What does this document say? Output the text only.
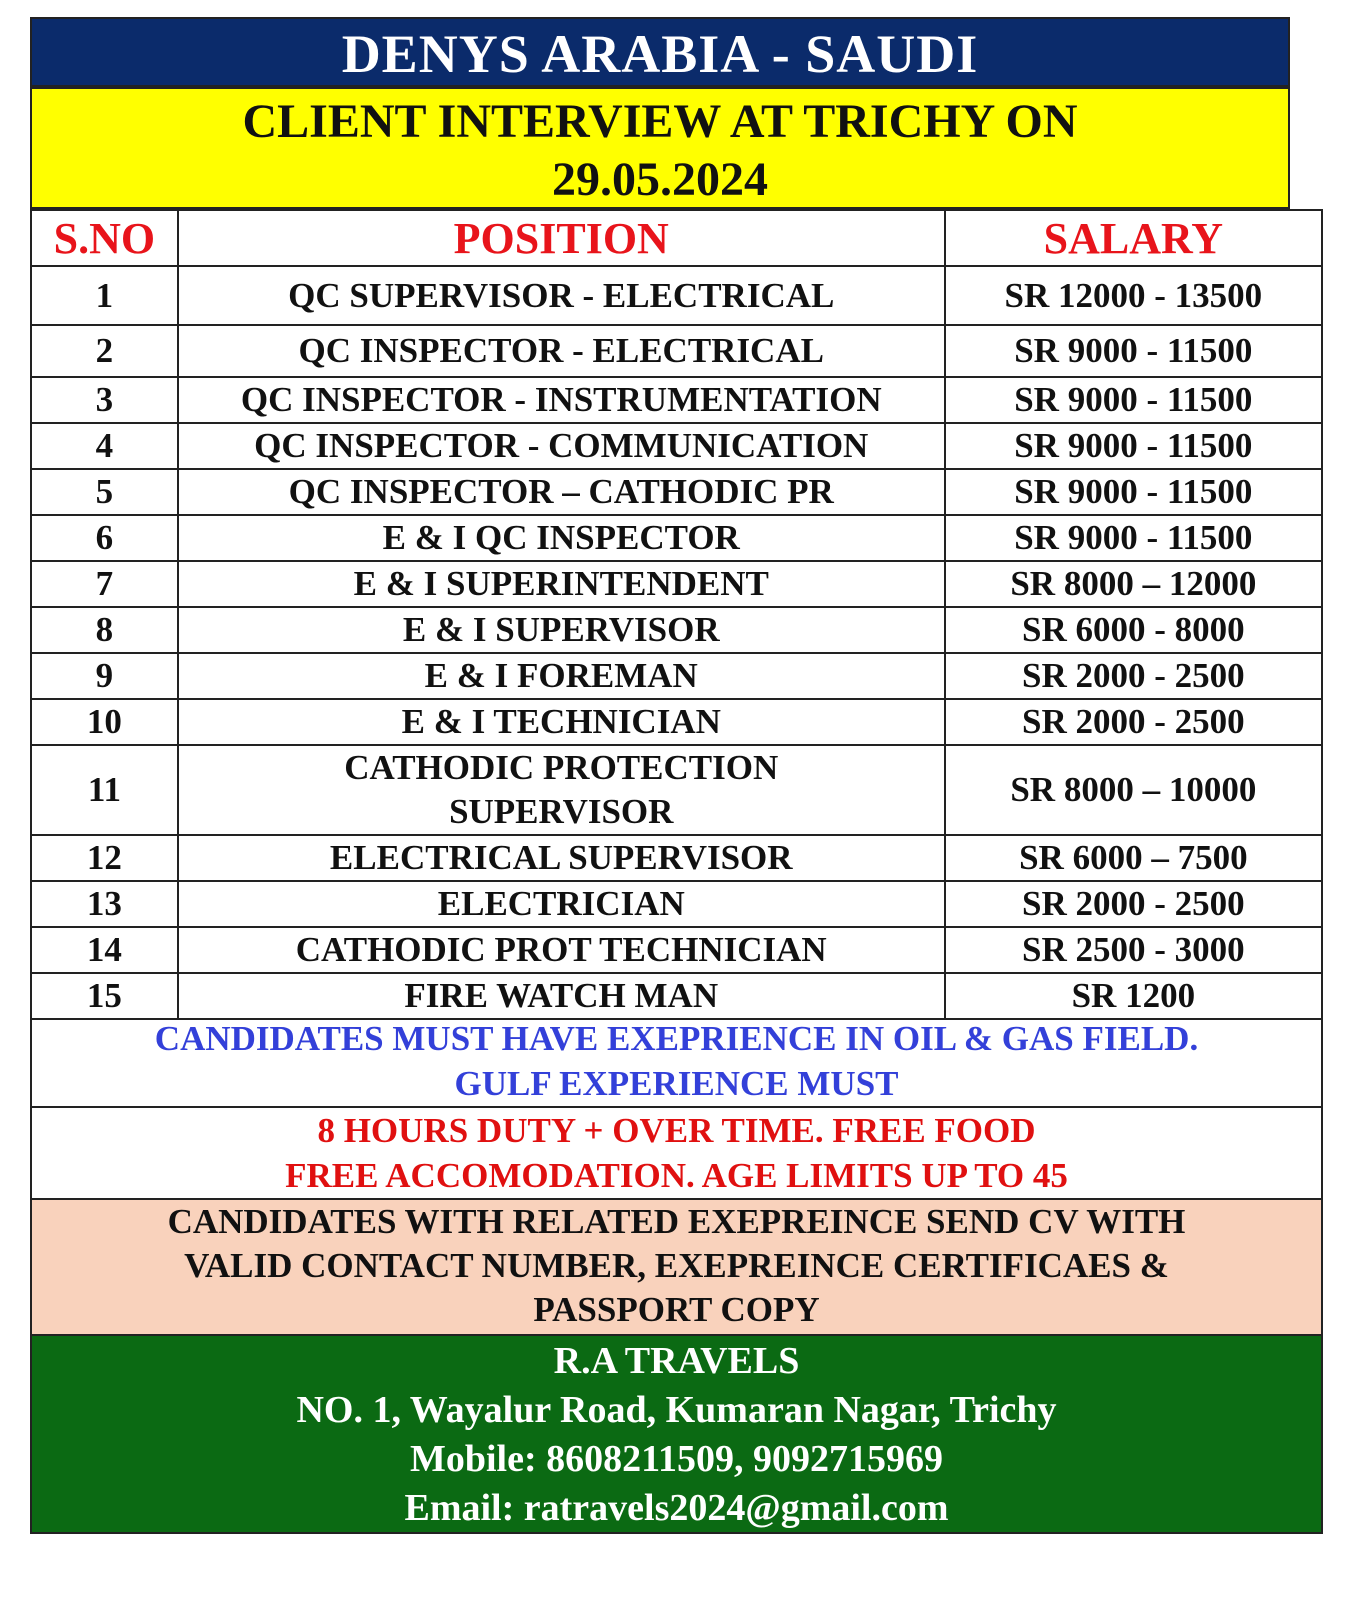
DENYS ARABIA - SAUDI
CLIENT INTERVIEW AT TRICHY ON
29.05.2024
S.NO	POSITION	SALARY
1	QC SUPERVISOR - ELECTRICAL	SR 12000 - 13500
2	QC INSPECTOR - ELECTRICAL	SR 9000 - 11500
3	QC INSPECTOR - INSTRUMENTATION	SR 9000 - 11500
4	QC INSPECTOR - COMMUNICATION	SR 9000 - 11500
5	QC INSPECTOR – CATHODIC PR	SR 9000 - 11500
6	E & I QC INSPECTOR	SR 9000 - 11500
7	E & I SUPERINTENDENT	SR 8000 – 12000
8	E & I SUPERVISOR	SR 6000 - 8000
9	E & I FOREMAN	SR 2000 - 2500
10	E & I TECHNICIAN	SR 2000 - 2500
11	CATHODIC PROTECTION
SUPERVISOR	SR 8000 – 10000
12	ELECTRICAL SUPERVISOR	SR 6000 – 7500
13	ELECTRICIAN	SR 2000 - 2500
14	CATHODIC PROT TECHNICIAN	SR 2500 - 3000
15	FIRE WATCH MAN	SR 1200
CANDIDATES MUST HAVE EXEPRIENCE IN OIL & GAS FIELD.
GULF EXPERIENCE MUST
8 HOURS DUTY + OVER TIME. FREE FOOD
FREE ACCOMODATION. AGE LIMITS UP TO 45
CANDIDATES WITH RELATED EXEPREINCE SEND CV WITH
VALID CONTACT NUMBER, EXEPREINCE CERTIFICAES &
PASSPORT COPY
R.A TRAVELS
NO. 1, Wayalur Road, Kumaran Nagar, Trichy
Mobile: 8608211509, 9092715969
Email: ratravels2024@gmail.com
